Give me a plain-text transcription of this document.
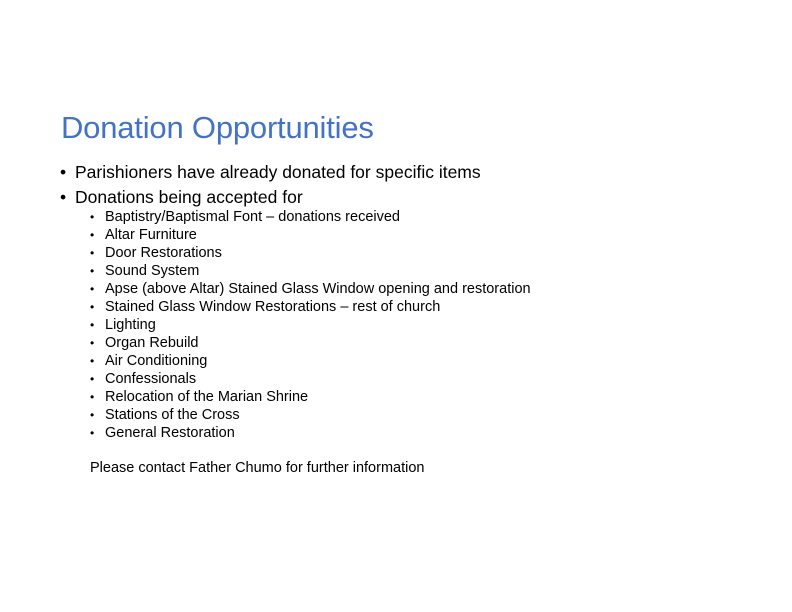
Donation Opportunities
• Parishioners have already donated for specific items
• Donations being accepted for
• Baptistry/Baptismal Font – donations received
• Altar Furniture
• Door Restorations
• Sound System
• Apse (above Altar) Stained Glass Window opening and restoration
• Stained Glass Window Restorations – rest of church
• Lighting
• Organ Rebuild
• Air Conditioning
• Confessionals
• Relocation of the Marian Shrine
• Stations of the Cross
• General Restoration
Please contact Father Chumo for further information
